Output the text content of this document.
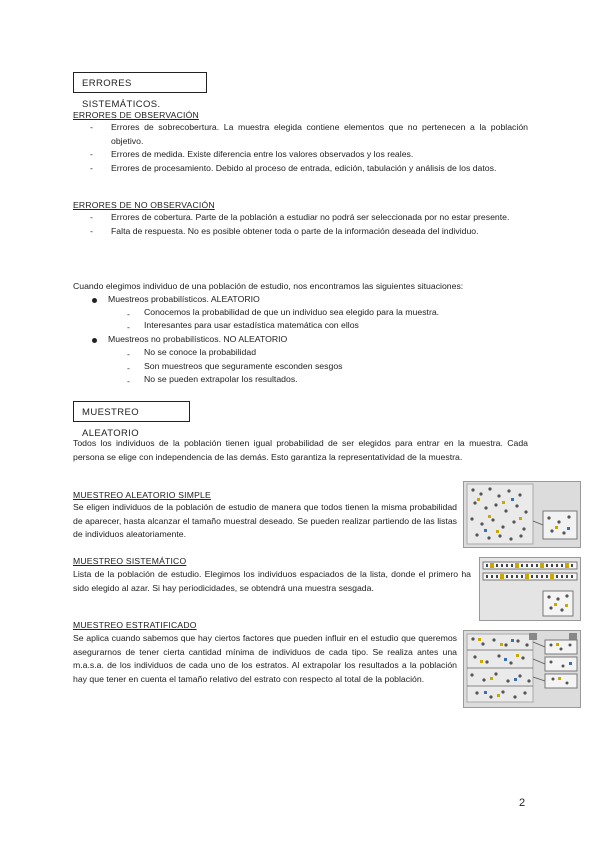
ERRORES SISTEMÁTICOS.
ERRORES DE OBSERVACIÓN
- Errores de sobrecobertura. La muestra elegida contiene elementos que no pertenecen a la población objetivo.
- Errores de medida. Existe diferencia entre los valores observados y los reales.
- Errores de procesamiento. Debido al proceso de entrada, edición, tabulación y análisis de los datos.
ERRORES DE NO OBSERVACIÓN
- Errores de cobertura. Parte de la población a estudiar no podrá ser seleccionada por no estar presente.
- Falta de respuesta. No es posible obtener toda o parte de la información deseada del individuo.
Cuando elegimos individuo de una población de estudio, nos encontramos las siguientes situaciones:
Muestreos probabilísticos. ALEATORIO
- Conocemos la probabilidad de que un individuo sea elegido para la muestra.
- Interesantes para usar estadística matemática con ellos
Muestreos no probabilísticos. NO ALEATORIO
- No se conoce la probabilidad
- Son muestreos que seguramente esconden sesgos
- No se pueden extrapolar los resultados.
MUESTREO ALEATORIO
Todos los individuos de la población tienen igual probabilidad de ser elegidos para entrar en la muestra. Cada persona se elige con independencia de las demás. Esto garantiza la representatividad de la muestra.
MUESTREO ALEATORIO SIMPLE
Se eligen individuos de la población de estudio de manera que todos tienen la misma probabilidad de aparecer, hasta alcanzar el tamaño muestral deseado. Se pueden realizar partiendo de las listas de individuos aleatoriamente.
MUESTREO SISTEMÁTICO
Lista de la población de estudio. Elegimos los individuos espaciados de la lista, donde el primero ha sido elegido al azar. Si hay periodicidades, se obtendrá una muestra sesgada.
MUESTREO ESTRATIFICADO
Se aplica cuando sabemos que hay ciertos factores que pueden influir en el estudio que queremos asegurarnos de tener cierta cantidad mínima de individuos de cada tipo. Se realiza antes una m.a.s.a. de los individuos de cada uno de los estratos. Al extrapolar los resultados a la población hay que tener en cuenta el tamaño relativo del estrato con respecto al total de la población.
2
